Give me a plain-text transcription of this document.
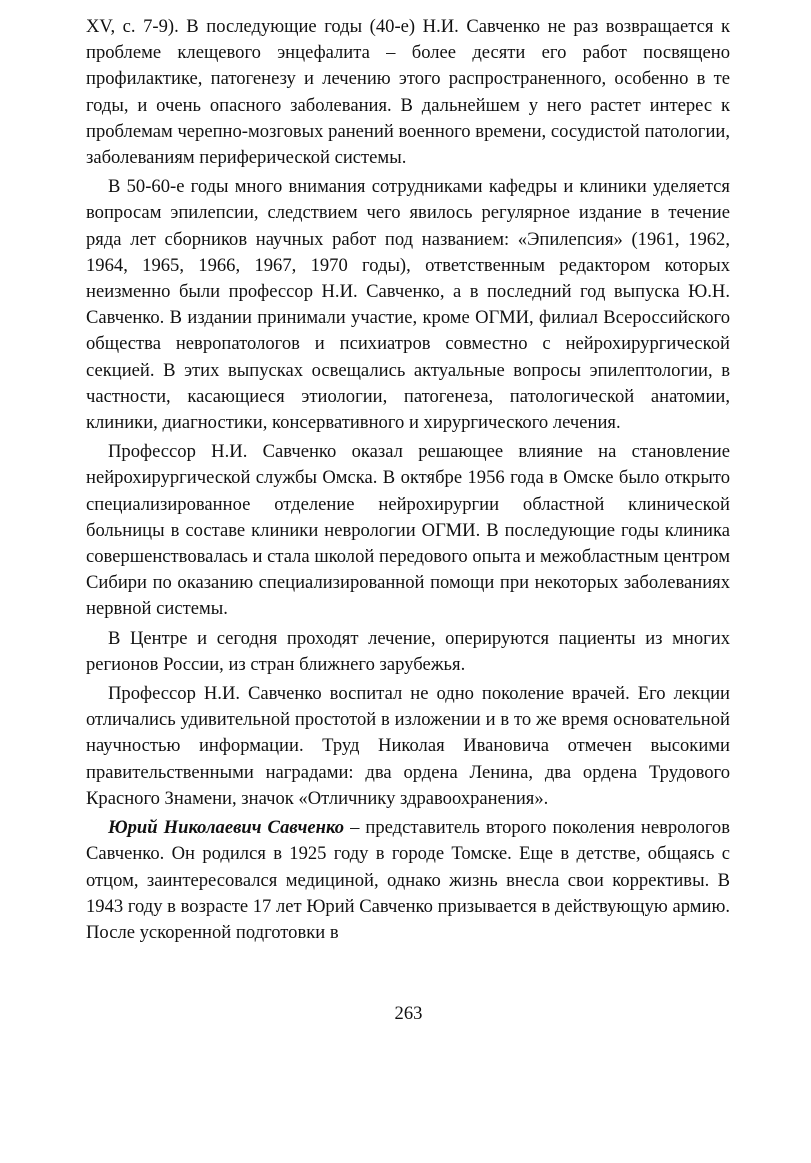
XV, с. 7-9). В последующие годы (40-е) Н.И. Савченко не раз возвращается к проблеме клещевого энцефалита – более десяти его работ посвящено профилактике, патогенезу и лечению этого распространенного, особенно в те годы, и очень опасного заболевания. В дальнейшем у него растет интерес к проблемам черепно-мозговых ранений военного времени, сосудистой патологии, заболеваниям периферической системы.

В 50-60-е годы много внимания сотрудниками кафедры и клиники уделяется вопросам эпилепсии, следствием чего явилось регулярное издание в течение ряда лет сборников научных работ под названием: «Эпилепсия» (1961, 1962, 1964, 1965, 1966, 1967, 1970 годы), ответственным редактором которых неизменно были профессор Н.И. Савченко, а в последний год выпуска Ю.Н. Савченко. В издании принимали участие, кроме ОГМИ, филиал Всероссийского общества невропатологов и психиатров совместно с нейрохирургической секцией. В этих выпусках освещались актуальные вопросы эпилептологии, в частности, касающиеся этиологии, патогенеза, патологической анатомии, клиники, диагностики, консервативного и хирургического лечения.

Профессор Н.И. Савченко оказал решающее влияние на становление нейрохирургической службы Омска. В октябре 1956 года в Омске было открыто специализированное отделение нейрохирургии областной клинической больницы в составе клиники неврологии ОГМИ. В последующие годы клиника совершенствовалась и стала школой передового опыта и межобластным центром Сибири по оказанию специализированной помощи при некоторых заболеваниях нервной системы.

В Центре и сегодня проходят лечение, оперируются пациенты из многих регионов России, из стран ближнего зарубежья.

Профессор Н.И. Савченко воспитал не одно поколение врачей. Его лекции отличались удивительной простотой в изложении и в то же время основательной научностью информации. Труд Николая Ивановича отмечен высокими правительственными наградами: два ордена Ленина, два ордена Трудового Красного Знамени, значок «Отличнику здравоохранения».

Юрий Николаевич Савченко – представитель второго поколения неврологов Савченко. Он родился в 1925 году в городе Томске. Еще в детстве, общаясь с отцом, заинтересовался медициной, однако жизнь внесла свои коррективы. В 1943 году в возрасте 17 лет Юрий Савченко призывается в действующую армию. После ускоренной подготовки в

263
